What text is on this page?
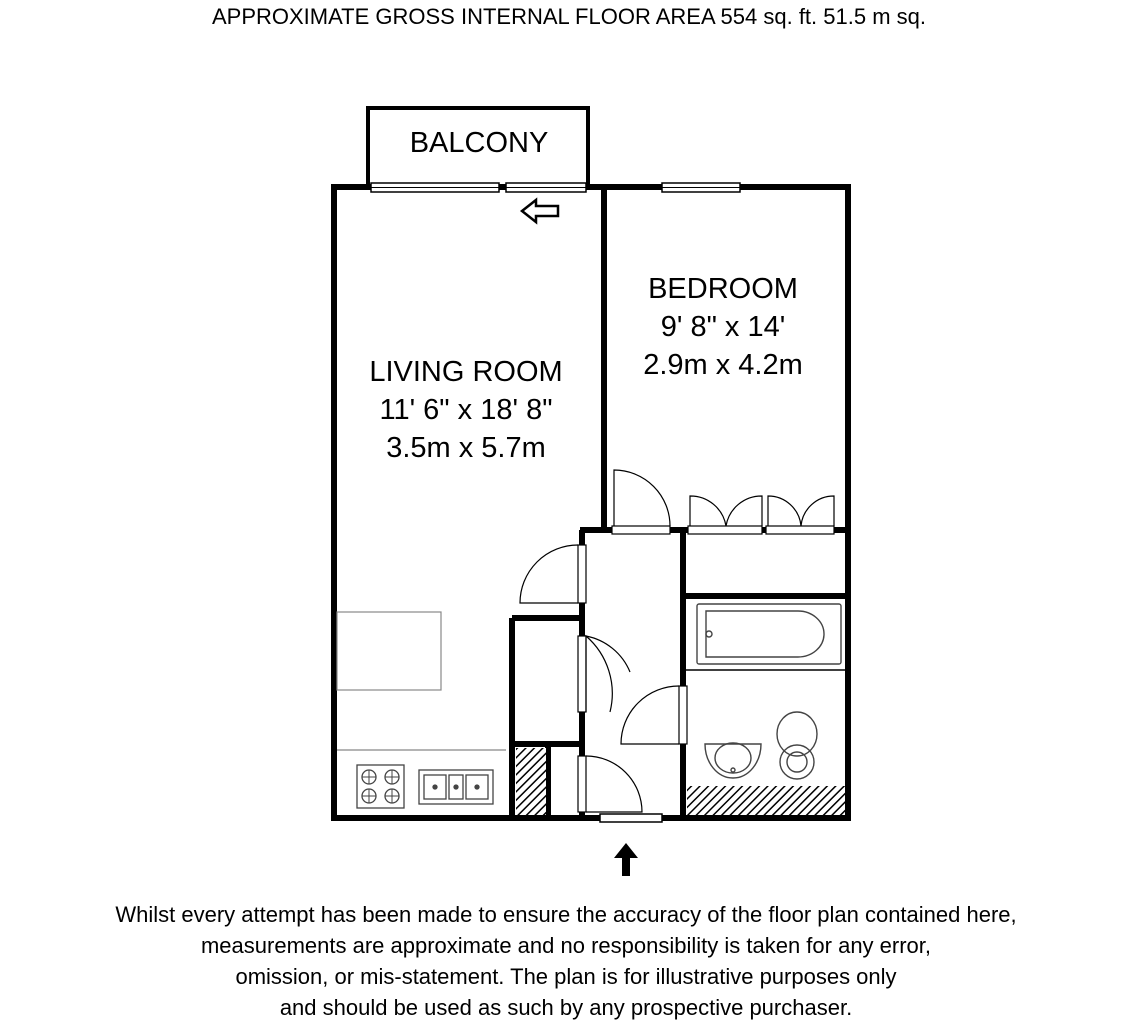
APPROXIMATE GROSS INTERNAL FLOOR AREA 554 sq. ft. 51.5 m sq.
BALCONY
LIVING ROOM
11' 6" x 18' 8"
3.5m x 5.7m
BEDROOM
9' 8" x 14'
2.9m x 4.2m
Whilst every attempt has been made to ensure the accuracy of the floor plan contained here,
measurements are approximate and no responsibility is taken for any error,
omission, or mis-statement. The plan is for illustrative purposes only
and should be used as such by any prospective purchaser.
